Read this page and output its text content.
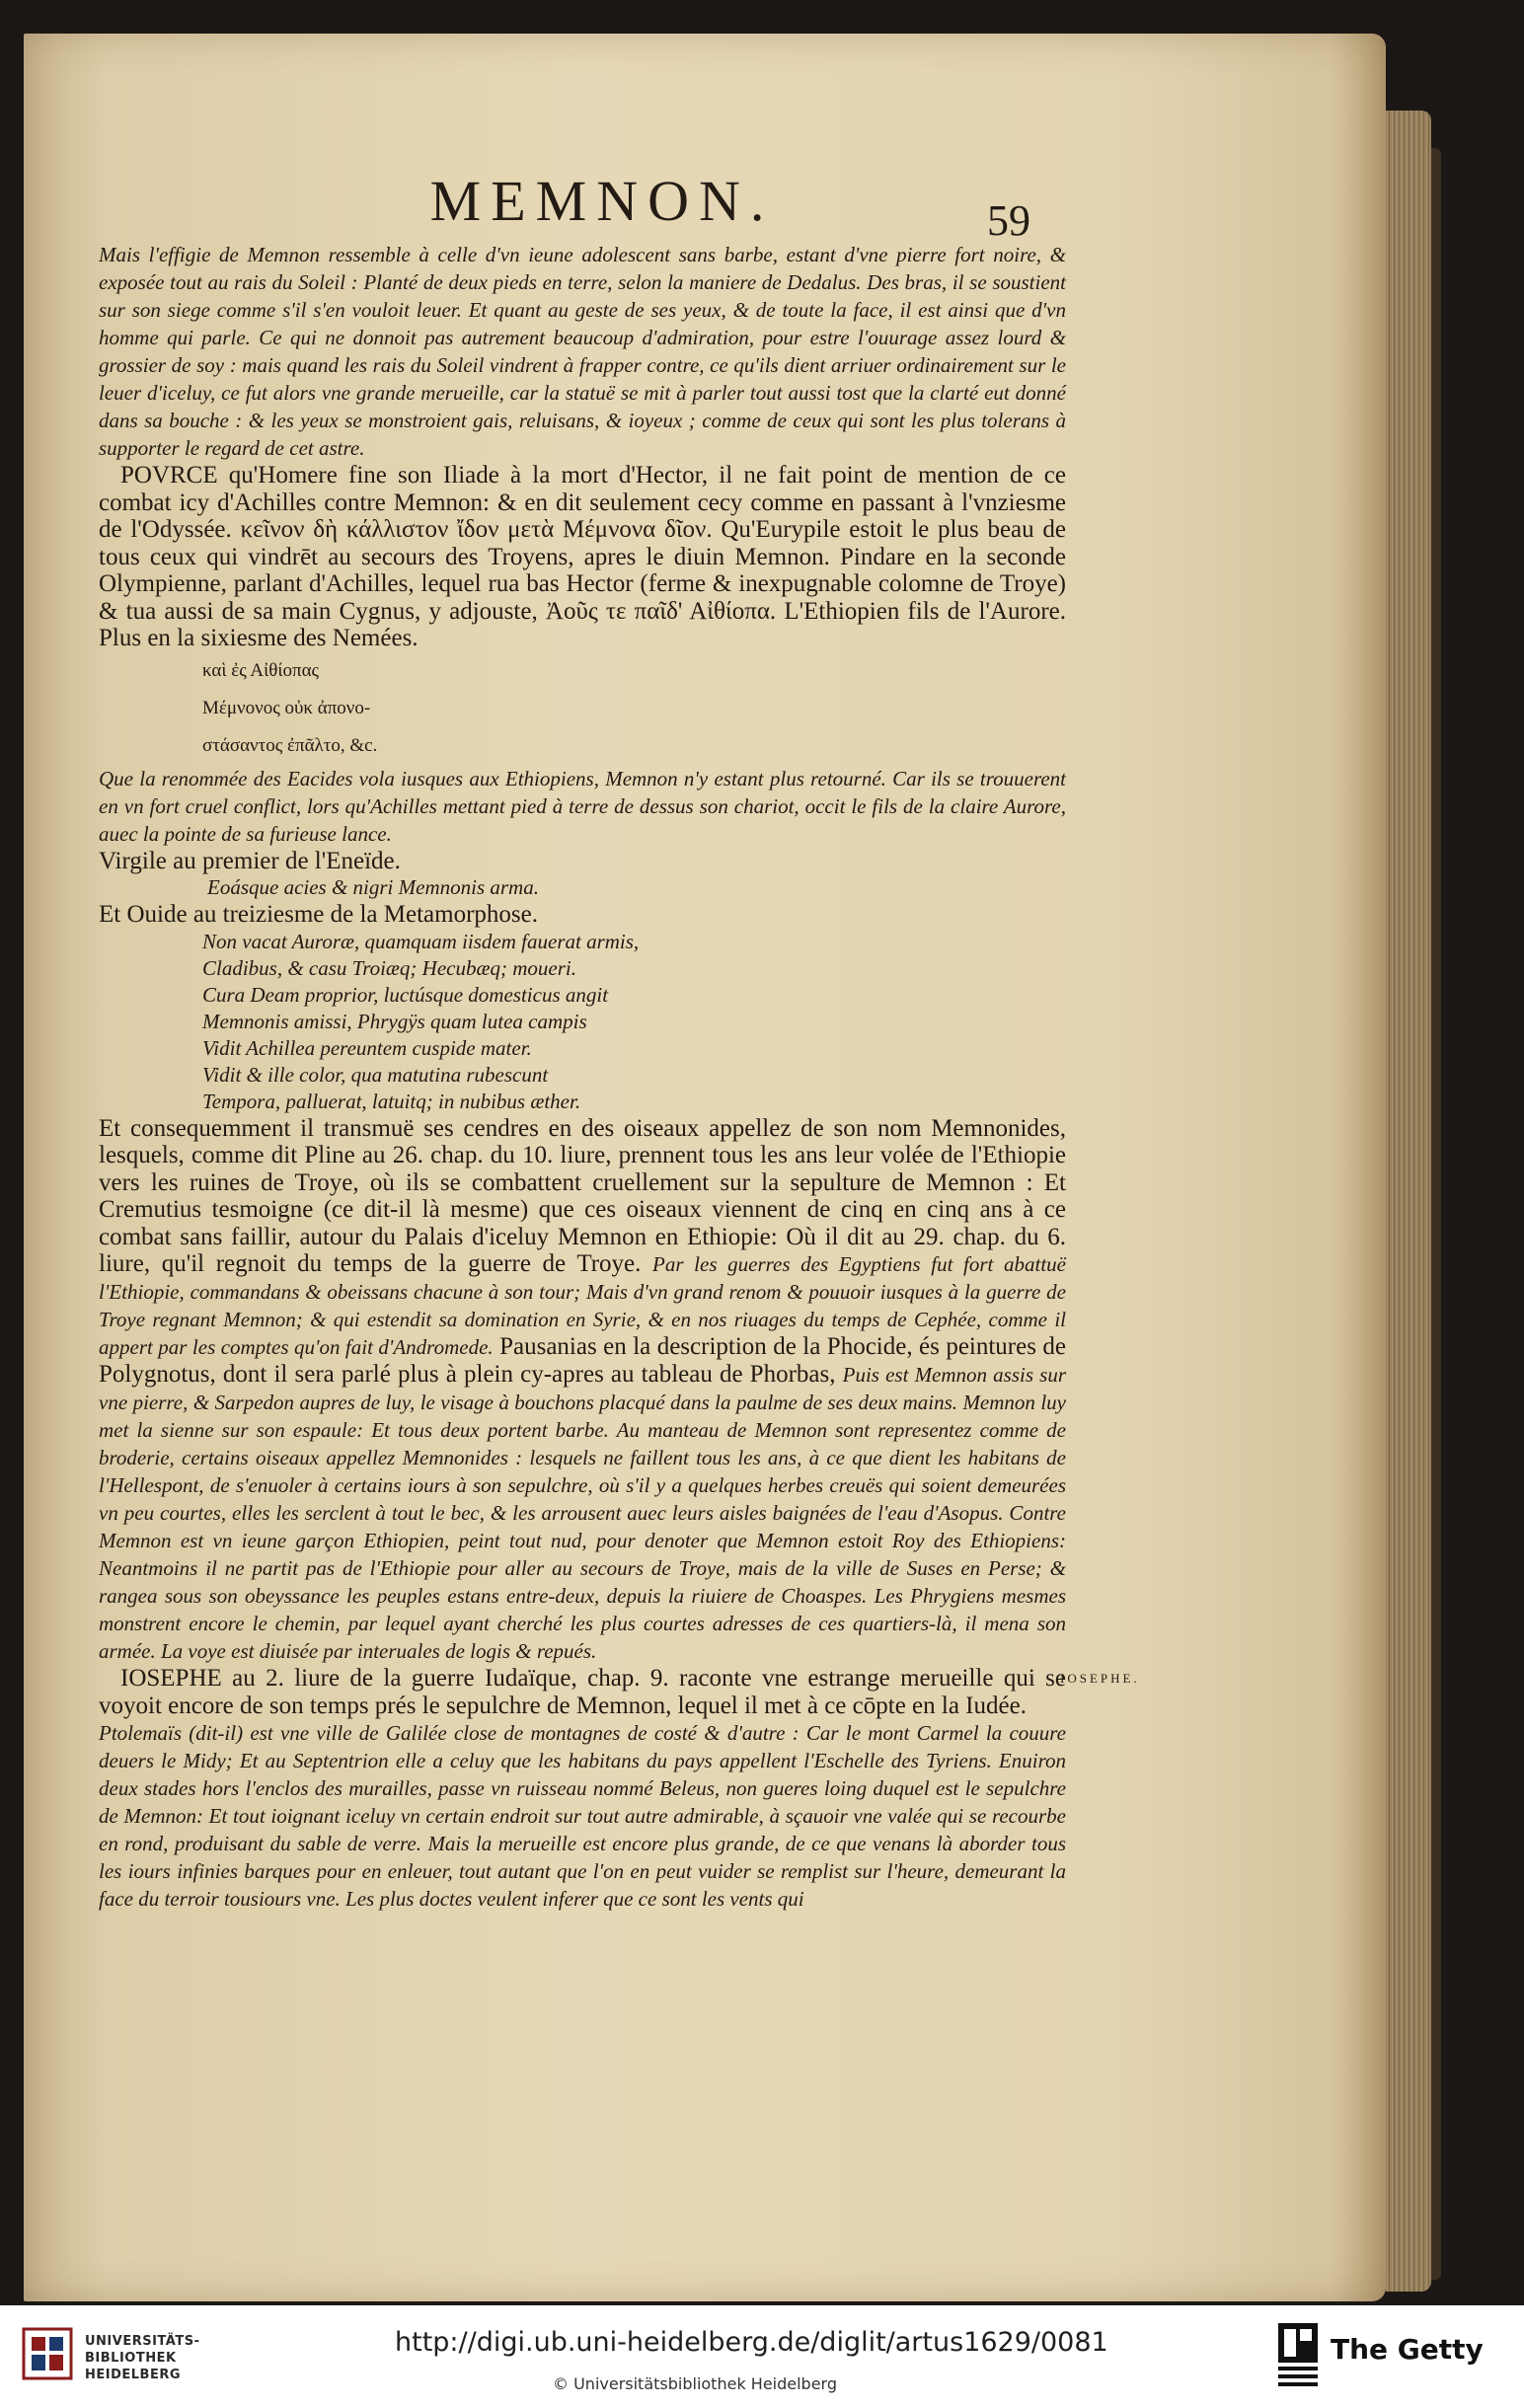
MEMNON.	59

Mais l'effigie de Memnon ressemble à celle d'vn ieune adolescent sans barbe, estant d'vne pierre fort noire, & exposée tout au rais du Soleil : Planté de deux pieds en terre, selon la maniere de Dedalus. Des bras, il se soustient sur son siege comme s'il s'en vouloit leuer. Et quant au geste de ses yeux, & de toute la face, il est ainsi que d'vn homme qui parle. Ce qui ne donnoit pas autrement beaucoup d'admiration, pour estre l'ouurage assez lourd & grossier de soy : mais quand les rais du Soleil vindrent à frapper contre, ce qu'ils dient arriuer ordinairement sur le leuer d'iceluy, ce fut alors vne grande merueille, car la statuë se mit à parler tout aussi tost que la clarté eut donné dans sa bouche : & les yeux se monstroient gais, reluisans, & ioyeux ; comme de ceux qui sont les plus tolerans à supporter le regard de cet astre.

POVRCE qu'Homere fine son Iliade à la mort d'Hector, il ne fait point de mention de ce combat icy d'Achilles contre Memnon: & en dit seulement cecy comme en passant à l'vnziesme de l'Odyssée. κεῖνον δὴ κάλλιστον ἴδον μετὰ Μέμνονα δῖον. Qu'Eurypile estoit le plus beau de tous ceux qui vindrēt au secours des Troyens, apres le diuin Memnon. Pindare en la seconde Olympienne, parlant d'Achilles, lequel rua bas Hector (ferme & inexpugnable colomne de Troye) & tua aussi de sa main Cygnus, y adjouste, Ἀοῦς τε παῖδ' Αἰθίοπα. L'Ethiopien fils de l'Aurore. Plus en la sixiesme des Nemées.

καὶ ἐς Αἰθίοπας

Μέμνονος οὐκ ἀπονο-

στάσαντος ἐπᾶλτο, &c.

Que la renommée des Eacides vola iusques aux Ethiopiens, Memnon n'y estant plus retourné. Car ils se trouuerent en vn fort cruel conflict, lors qu'Achilles mettant pied à terre de dessus son chariot, occit le fils de la claire Aurore, auec la pointe de sa furieuse lance.

Virgile au premier de l'Eneïde.

Eoásque acies & nigri Memnonis arma.

Et Ouide au treiziesme de la Metamorphose.

Non vacat Auroræ, quamquam iisdem fauerat armis,

Cladibus, & casu Troiæq; Hecubæq; moueri.

Cura Deam proprior, luctúsque domesticus angit

Memnonis amissi, Phrygÿs quam lutea campis

Vidit Achillea pereuntem cuspide mater.

Vidit & ille color, qua matutina rubescunt

Tempora, palluerat, latuitq; in nubibus æther.

Et consequemment il transmuë ses cendres en des oiseaux appellez de son nom Memnonides, lesquels, comme dit Pline au 26. chap. du 10. liure, prennent tous les ans leur volée de l'Ethiopie vers les ruines de Troye, où ils se combattent cruellement sur la sepulture de Memnon : Et Cremutius tesmoigne (ce dit-il là mesme) que ces oiseaux viennent de cinq en cinq ans à ce combat sans faillir, autour du Palais d'iceluy Memnon en Ethiopie: Où il dit au 29. chap. du 6. liure, qu'il regnoit du temps de la guerre de Troye. Par les guerres des Egyptiens fut fort abattuë l'Ethiopie, commandans & obeissans chacune à son tour; Mais d'vn grand renom & pouuoir iusques à la guerre de Troye regnant Memnon; & qui estendit sa domination en Syrie, & en nos riuages du temps de Cephée, comme il appert par les comptes qu'on fait d'Andromede. Pausanias en la description de la Phocide, és peintures de Polygnotus, dont il sera parlé plus à plein cy-apres au tableau de Phorbas, Puis est Memnon assis sur vne pierre, & Sarpedon aupres de luy, le visage à bouchons placqué dans la paulme de ses deux mains. Memnon luy met la sienne sur son espaule: Et tous deux portent barbe. Au manteau de Memnon sont representez comme de broderie, certains oiseaux appellez Memnonides : lesquels ne faillent tous les ans, à ce que dient les habitans de l'Hellespont, de s'enuoler à certains iours à son sepulchre, où s'il y a quelques herbes creuës qui soient demeurées vn peu courtes, elles les serclent à tout le bec, & les arrousent auec leurs aisles baignées de l'eau d'Asopus. Contre Memnon est vn ieune garçon Ethiopien, peint tout nud, pour denoter que Memnon estoit Roy des Ethiopiens: Neantmoins il ne partit pas de l'Ethiopie pour aller au secours de Troye, mais de la ville de Suses en Perse; & rangea sous son obeyssance les peuples estans entre-deux, depuis la riuiere de Choaspes. Les Phrygiens mesmes monstrent encore le chemin, par lequel ayant cherché les plus courtes adresses de ces quartiers-là, il mena son armée. La voye est diuisée par interuales de logis & repués.

IOSEPHE au 2. liure de la guerre Iudaïque, chap. 9. raconte vne estrange merueille qui se voyoit encore de son temps prés le sepulchre de Memnon, lequel il met à ce cōpte en la Iudée.

Ptolemaïs (dit-il) est vne ville de Galilée close de montagnes de costé & d'autre : Car le mont Carmel la couure deuers le Midy; Et au Septentrion elle a celuy que les habitans du pays appellent l'Eschelle des Tyriens. Enuiron deux stades hors l'enclos des murailles, passe vn ruisseau nommé Beleus, non gueres loing duquel est le sepulchre de Memnon: Et tout ioignant iceluy vn certain endroit sur tout autre admirable, à sçauoir vne valée qui se recourbe en rond, produisant du sable de verre. Mais la merueille est encore plus grande, de ce que venans là aborder tous les iours infinies barques pour en enleuer, tout autant que l'on en peut vuider se remplist sur l'heure, demeurant la face du terroir tousiours vne. Les plus doctes veulent inferer que ce sont les vents qui

IOSEPHE.
UNIVERSITÄTS-
BIBLIOTHEK
HEIDELBERG
http://digi.ub.uni-heidelberg.de/diglit/artus1629/0081
© Universitätsbibliothek Heidelberg
The Getty
